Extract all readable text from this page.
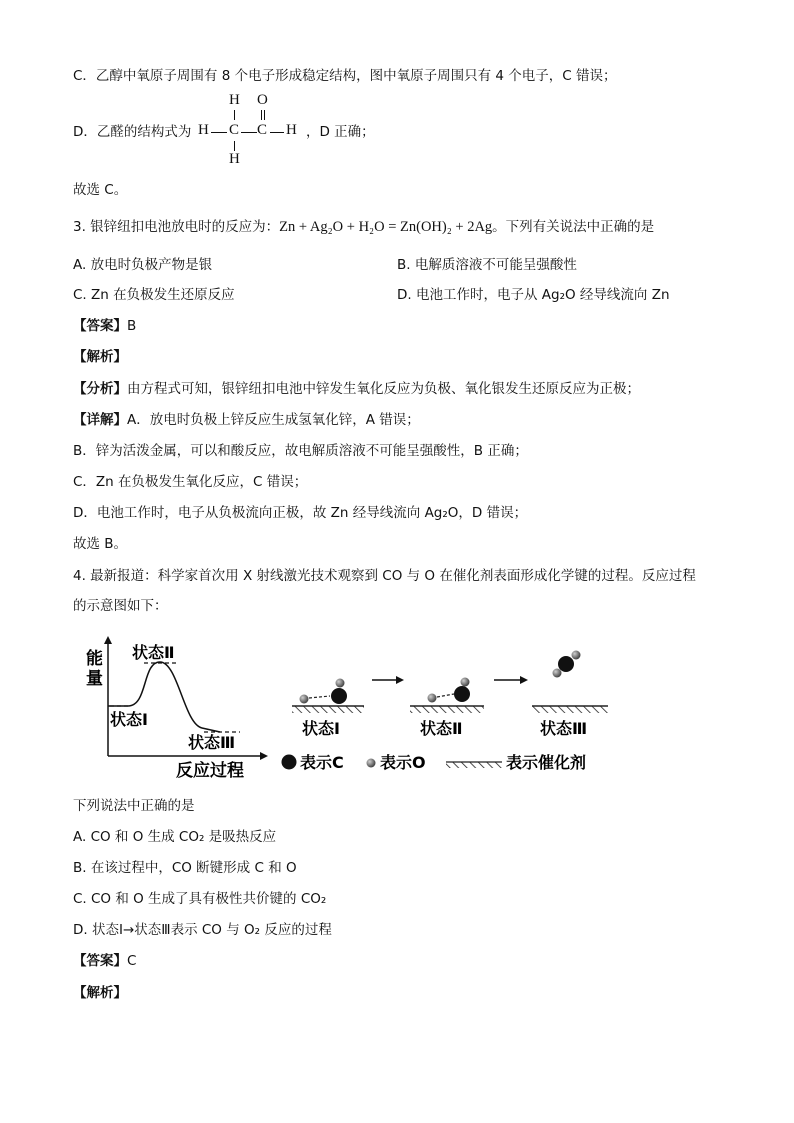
C．乙醇中氧原子周围有 8 个电子形成稳定结构，图中氧原子周围只有 4 个电子，C 错误；
D．乙醛的结构式为
H O
H C C H
H
，D 正确；
故选 C。
3. 银锌纽扣电池放电时的反应为：Zn + Ag₂O + H₂O = Zn(OH)₂ + 2Ag。下列有关说法中正确的是
A. 放电时负极产物是银	B. 电解质溶液不可能呈强酸性
C. Zn 在负极发生还原反应	D. 电池工作时，电子从 Ag₂O 经导线流向 Zn
【答案】B
【解析】
【分析】由方程式可知，银锌纽扣电池中锌发生氧化反应为负极、氧化银发生还原反应为正极；
【详解】A．放电时负极上锌反应生成氢氧化锌，A 错误；
B．锌为活泼金属，可以和酸反应，故电解质溶液不可能呈强酸性，B 正确；
C．Zn 在负极发生氧化反应，C 错误；
D．电池工作时，电子从负极流向正极，故 Zn 经导线流向 Ag₂O，D 错误；
故选 B。
4. 最新报道：科学家首次用 X 射线激光技术观察到 CO 与 O 在催化剂表面形成化学键的过程。反应过程
的示意图如下：
能
量
状态Ⅱ
状态Ⅰ
状态Ⅲ
反应过程
状态Ⅰ	状态Ⅱ	状态Ⅲ
表示C 表示O	表示催化剂
下列说法中正确的是
A. CO 和 O 生成 CO₂ 是吸热反应
B. 在该过程中，CO 断键形成 C 和 O
C. CO 和 O 生成了具有极性共价键的 CO₂
D. 状态Ⅰ→状态Ⅲ表示 CO 与 O₂ 反应的过程
【答案】C
【解析】
